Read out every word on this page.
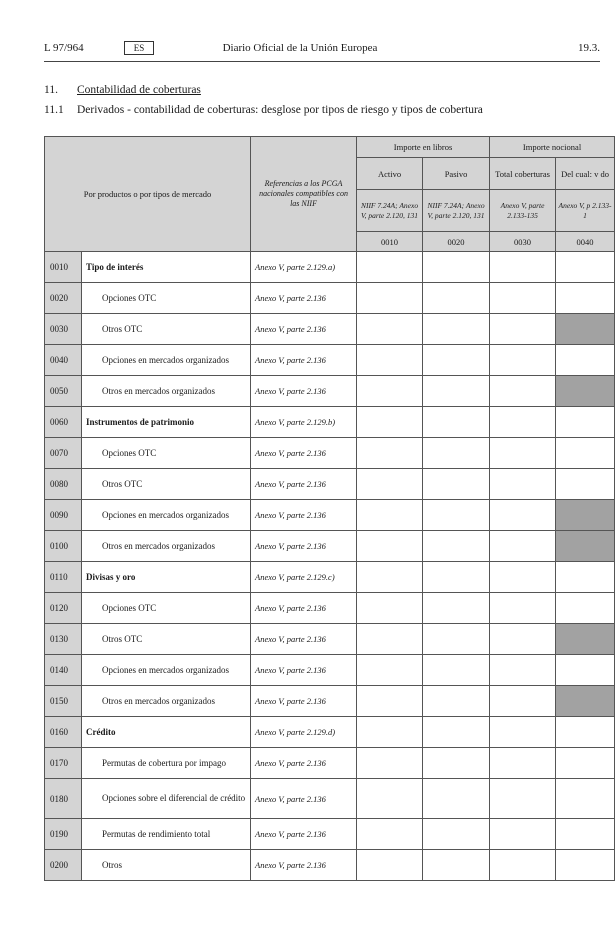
L 97/964	ES	Diario Oficial de la Unión Europea	19.3.
11. Contabilidad de coberturas
11.1 Derivados - contabilidad de coberturas: desglose por tipos de riesgo y tipos de cobertura
Por productos o por tipos de mercado		Referencias a los PCGA nacionales compatibles con las NIIF	Importe en libros		Importe nocional	
			Activo	Pasivo	Total coberturas	Del cual: v do
			NIIF 7.24A; Anexo V, parte 2.120, 131	NIIF 7.24A; Anexo V, parte 2.120, 131	Anexo V, parte 2.133-135	Anexo V, p 2.133-1
			0010	0020	0030	0040
0010	Tipo de interés	Anexo V, parte 2.129.a)				
0020	Opciones OTC	Anexo V, parte 2.136				
0030	Otros OTC	Anexo V, parte 2.136				
0040	Opciones en mercados organizados	Anexo V, parte 2.136				
0050	Otros en mercados organizados	Anexo V, parte 2.136				
0060	Instrumentos de patrimonio	Anexo V, parte 2.129.b)				
0070	Opciones OTC	Anexo V, parte 2.136				
0080	Otros OTC	Anexo V, parte 2.136				
0090	Opciones en mercados organizados	Anexo V, parte 2.136				
0100	Otros en mercados organizados	Anexo V, parte 2.136				
0110	Divisas y oro	Anexo V, parte 2.129.c)				
0120	Opciones OTC	Anexo V, parte 2.136				
0130	Otros OTC	Anexo V, parte 2.136				
0140	Opciones en mercados organizados	Anexo V, parte 2.136				
0150	Otros en mercados organizados	Anexo V, parte 2.136				
0160	Crédito	Anexo V, parte 2.129.d)				
0170	Permutas de cobertura por impago	Anexo V, parte 2.136				
0180	Opciones sobre el diferencial de crédito	Anexo V, parte 2.136				
0190	Permutas de rendimiento total	Anexo V, parte 2.136				
0200	Otros	Anexo V, parte 2.136				
